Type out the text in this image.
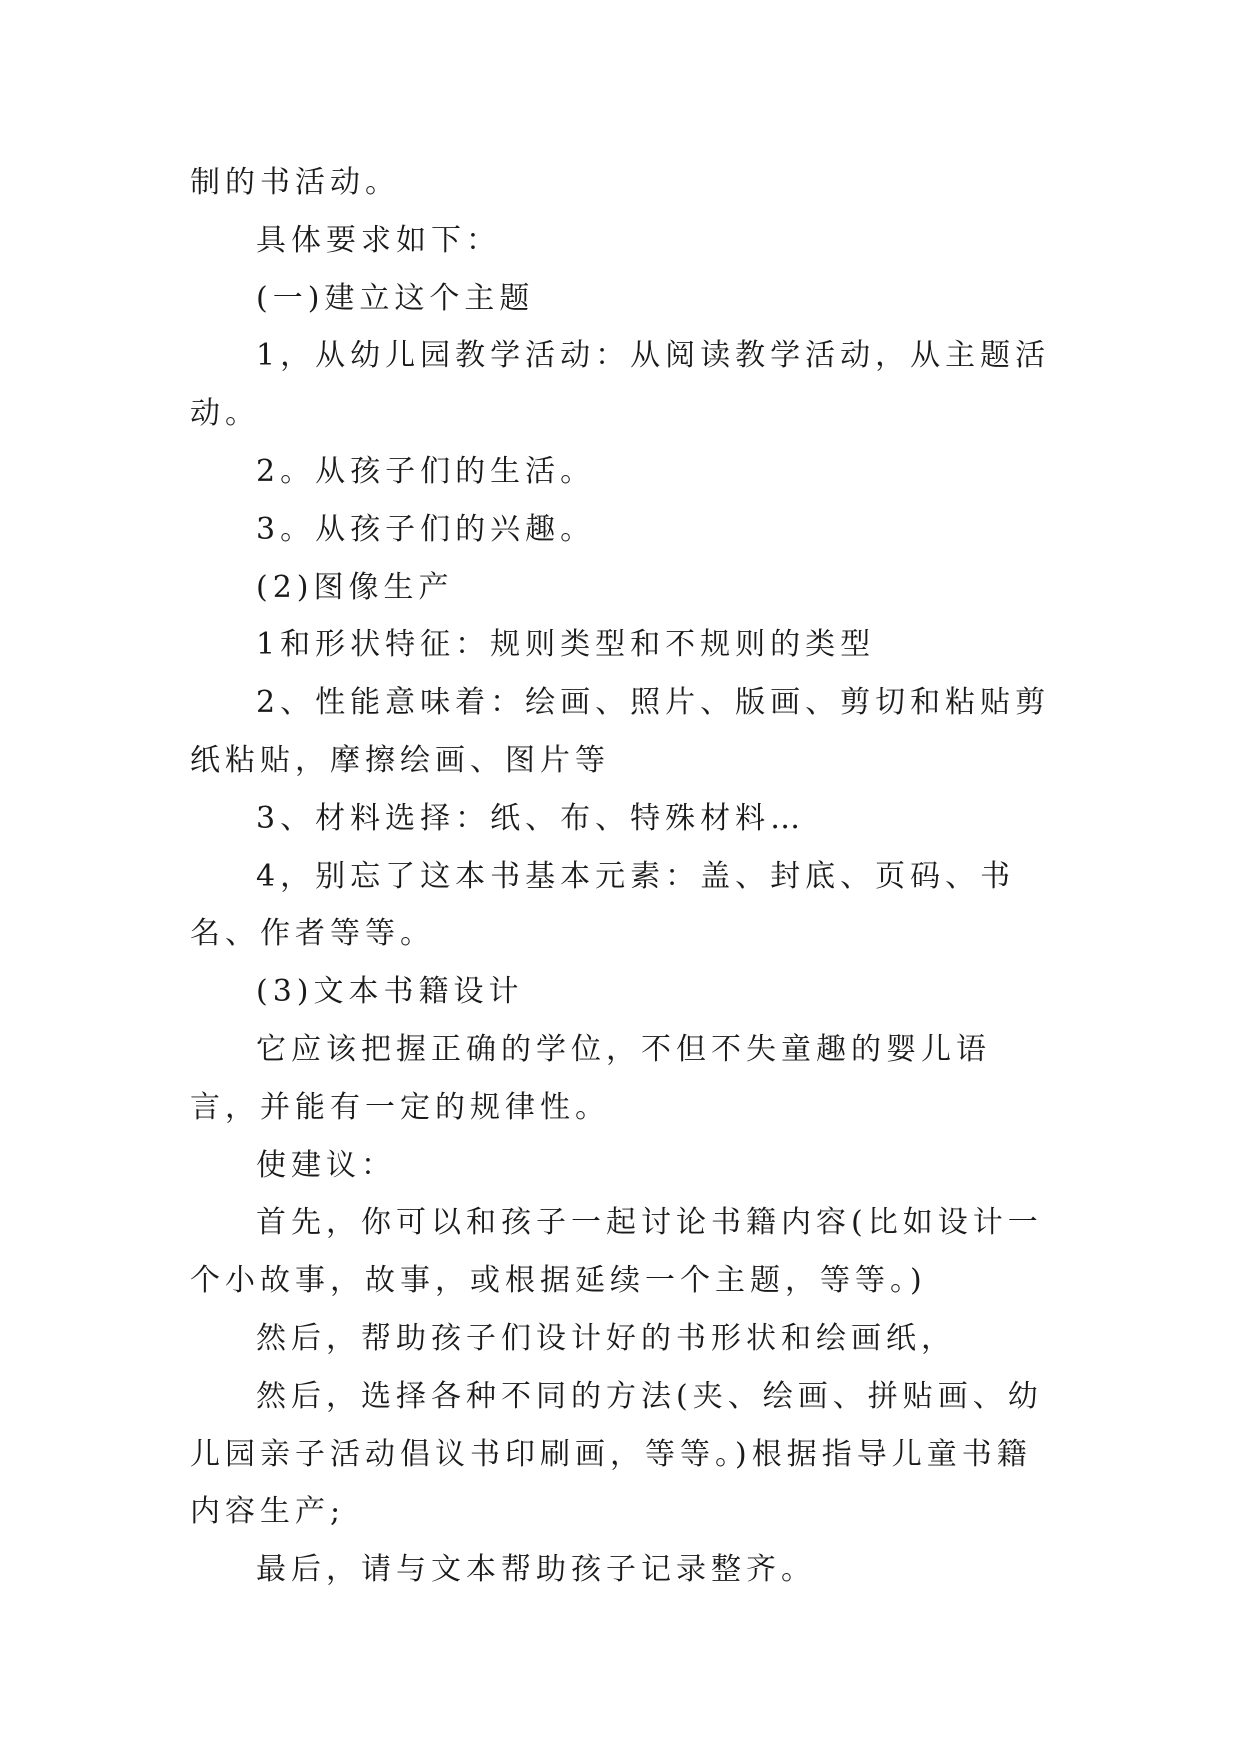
制的书活动。

具体要求如下：

(一)建立这个主题

1，从幼儿园教学活动：从阅读教学活动，从主题活动。

2。从孩子们的生活。

3。从孩子们的兴趣。

(2)图像生产

1和形状特征：规则类型和不规则的类型

2、性能意味着：绘画、照片、版画、剪切和粘贴剪纸粘贴，摩擦绘画、图片等

3、材料选择：纸、布、特殊材料…

4，别忘了这本书基本元素：盖、封底、页码、书名、作者等等。

(3)文本书籍设计

它应该把握正确的学位，不但不失童趣的婴儿语言，并能有一定的规律性。

使建议：

首先，你可以和孩子一起讨论书籍内容(比如设计一个小故事，故事，或根据延续一个主题，等等。)

然后，帮助孩子们设计好的书形状和绘画纸，

然后，选择各种不同的方法(夹、绘画、拼贴画、幼儿园亲子活动倡议书印刷画，等等。)根据指导儿童书籍内容生产;

最后，请与文本帮助孩子记录整齐。
